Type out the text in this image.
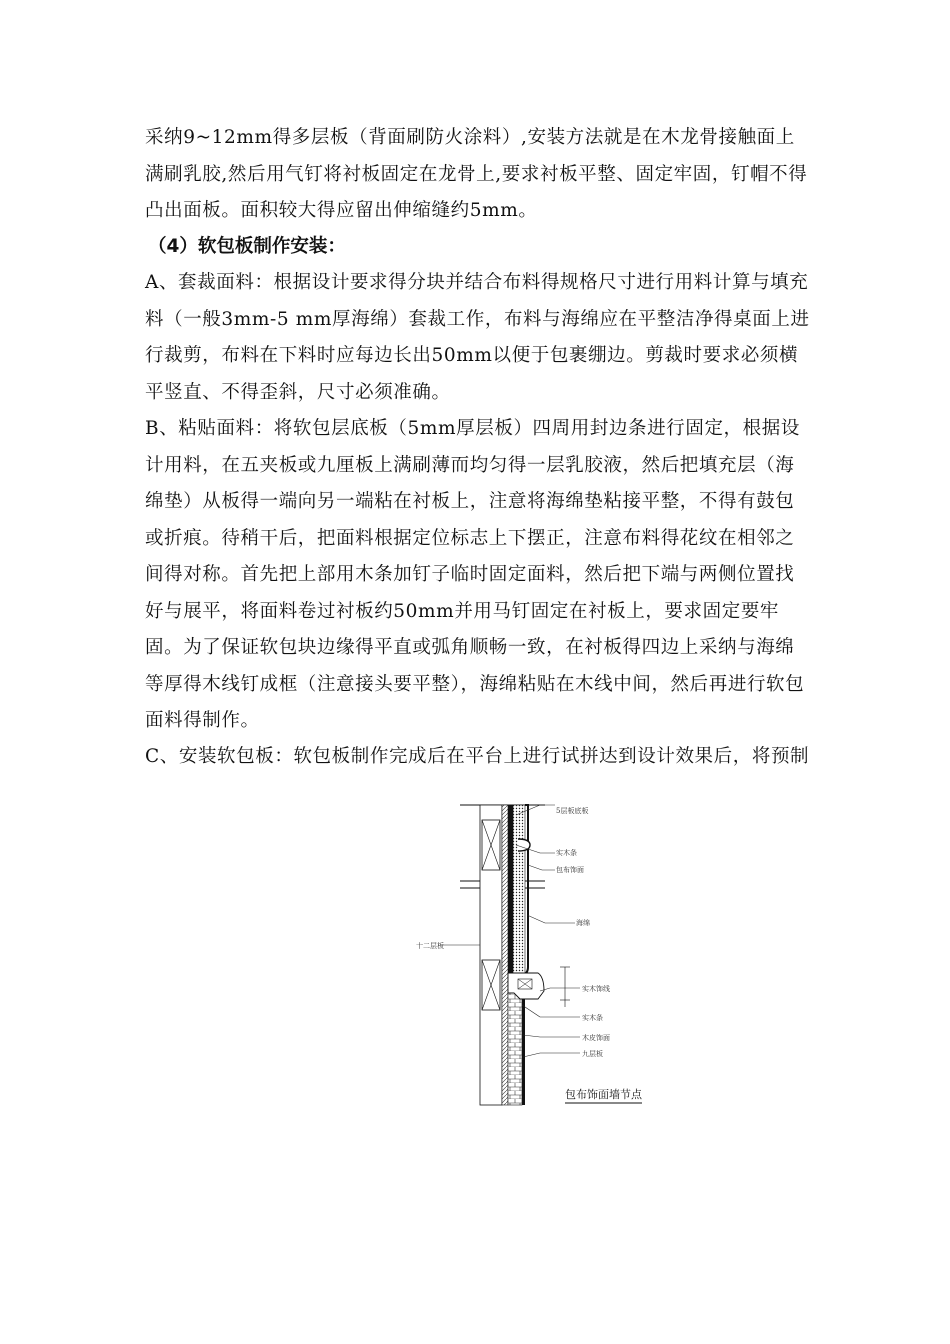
采纳9~12mm得多层板（背面刷防火涂料）,安装方法就是在木龙骨接触面上满刷乳胶,然后用气钉将衬板固定在龙骨上,要求衬板平整、固定牢固，钉帽不得凸出面板。面积较大得应留出伸缩缝约5mm。

（4）软包板制作安装：

A、套裁面料：根据设计要求得分块并结合布料得规格尺寸进行用料计算与填充料（一般3mm-5 mm厚海绵）套裁工作，布料与海绵应在平整洁净得桌面上进行裁剪，布料在下料时应每边长出50mm以便于包裹绷边。剪裁时要求必须横平竖直、不得歪斜，尺寸必须准确。

B、粘贴面料：将软包层底板（5mm厚层板）四周用封边条进行固定，根据设计用料，在五夹板或九厘板上满刷薄而均匀得一层乳胶液，然后把填充层（海绵垫）从板得一端向另一端粘在衬板上，注意将海绵垫粘接平整，不得有鼓包或折痕。待稍干后，把面料根据定位标志上下摆正，注意布料得花纹在相邻之间得对称。首先把上部用木条加钉子临时固定面料，然后把下端与两侧位置找好与展平，将面料卷过衬板约50mm并用马钉固定在衬板上，要求固定要牢固。为了保证软包块边缘得平直或弧角顺畅一致，在衬板得四边上采纳与海绵等厚得木线钉成框（注意接头要平整），海绵粘贴在木线中间，然后再进行软包面料得制作。

C、安装软包板：软包板制作完成后在平台上进行试拼达到设计效果后，将预制

5层板底板
实木条
包布饰面
海绵
十二层板
实木饰线
实木条
木皮饰面
九层板
包布饰面墙节点
